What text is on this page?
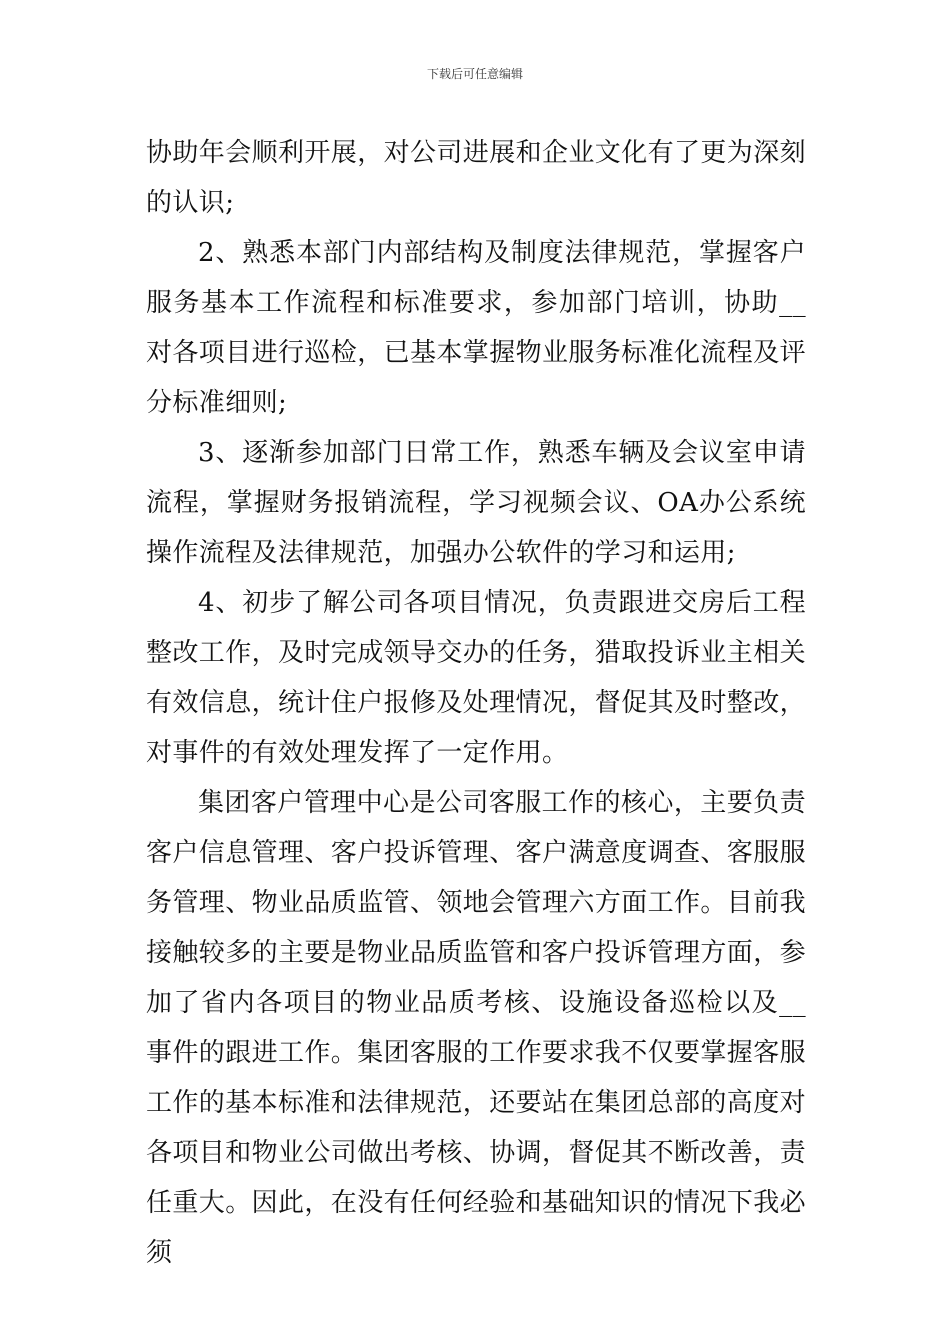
下载后可任意编辑

协助年会顺利开展，对公司进展和企业文化有了更为深刻的认识;

2、熟悉本部门内部结构及制度法律规范，掌握客户服务基本工作流程和标准要求，参加部门培训，协助__对各项目进行巡检，已基本掌握物业服务标准化流程及评分标准细则;

3、逐渐参加部门日常工作，熟悉车辆及会议室申请流程，掌握财务报销流程，学习视频会议、OA办公系统操作流程及法律规范，加强办公软件的学习和运用;

4、初步了解公司各项目情况，负责跟进交房后工程整改工作，及时完成领导交办的任务，猎取投诉业主相关有效信息，统计住户报修及处理情况，督促其及时整改，对事件的有效处理发挥了一定作用。

集团客户管理中心是公司客服工作的核心，主要负责客户信息管理、客户投诉管理、客户满意度调查、客服服务管理、物业品质监管、领地会管理六方面工作。目前我接触较多的主要是物业品质监管和客户投诉管理方面，参加了省内各项目的物业品质考核、设施设备巡检以及__事件的跟进工作。集团客服的工作要求我不仅要掌握客服工作的基本标准和法律规范，还要站在集团总部的高度对各项目和物业公司做出考核、协调，督促其不断改善，责任重大。因此，在没有任何经验和基础知识的情况下我必须
